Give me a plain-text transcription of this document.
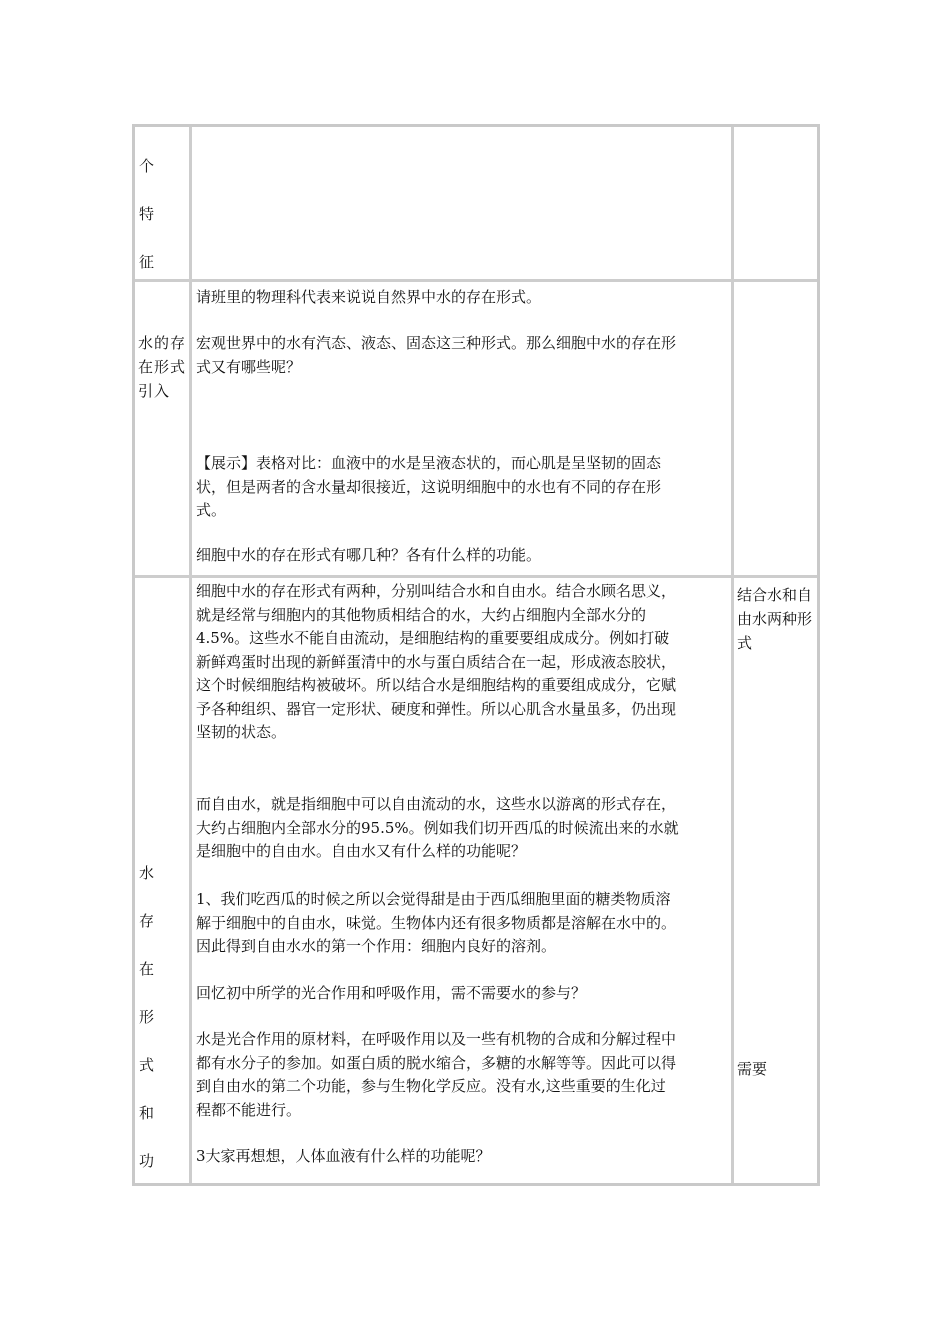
个
特
征
水的存
在形式
引入
请班里的物理科代表来说说自然界中水的存在形式。
宏观世界中的水有汽态、液态、固态这三种形式。那么细胞中水的存在形
式又有哪些呢？
【展示】表格对比：血液中的水是呈液态状的，而心肌是呈坚韧的固态
状，但是两者的含水量却很接近，这说明细胞中的水也有不同的存在形
式。
细胞中水的存在形式有哪几种？各有什么样的功能。
水
存
在
形
式
和
功
细胞中水的存在形式有两种，分别叫结合水和自由水。结合水顾名思义，
就是经常与细胞内的其他物质相结合的水，大约占细胞内全部水分的
4.5%。这些水不能自由流动，是细胞结构的重要要组成成分。例如打破
新鲜鸡蛋时出现的新鲜蛋清中的水与蛋白质结合在一起，形成液态胶状，
这个时候细胞结构被破坏。所以结合水是细胞结构的重要组成成分，它赋
予各种组织、器官一定形状、硬度和弹性。所以心肌含水量虽多，仍出现
坚韧的状态。
而自由水，就是指细胞中可以自由流动的水，这些水以游离的形式存在，
大约占细胞内全部水分的95.5%。例如我们切开西瓜的时候流出来的水就
是细胞中的自由水。自由水又有什么样的功能呢？
1、我们吃西瓜的时候之所以会觉得甜是由于西瓜细胞里面的糖类物质溶
解于细胞中的自由水，味觉。生物体内还有很多物质都是溶解在水中的。
因此得到自由水水的第一个作用：细胞内良好的溶剂。
回忆初中所学的光合作用和呼吸作用，需不需要水的参与？
水是光合作用的原材料，在呼吸作用以及一些有机物的合成和分解过程中
都有水分子的参加。如蛋白质的脱水缩合，多糖的水解等等。因此可以得
到自由水的第二个功能，参与生物化学反应。没有水,这些重要的生化过
程都不能进行。
3大家再想想，人体血液有什么样的功能呢？
结合水和自
由水两种形
式
需要
